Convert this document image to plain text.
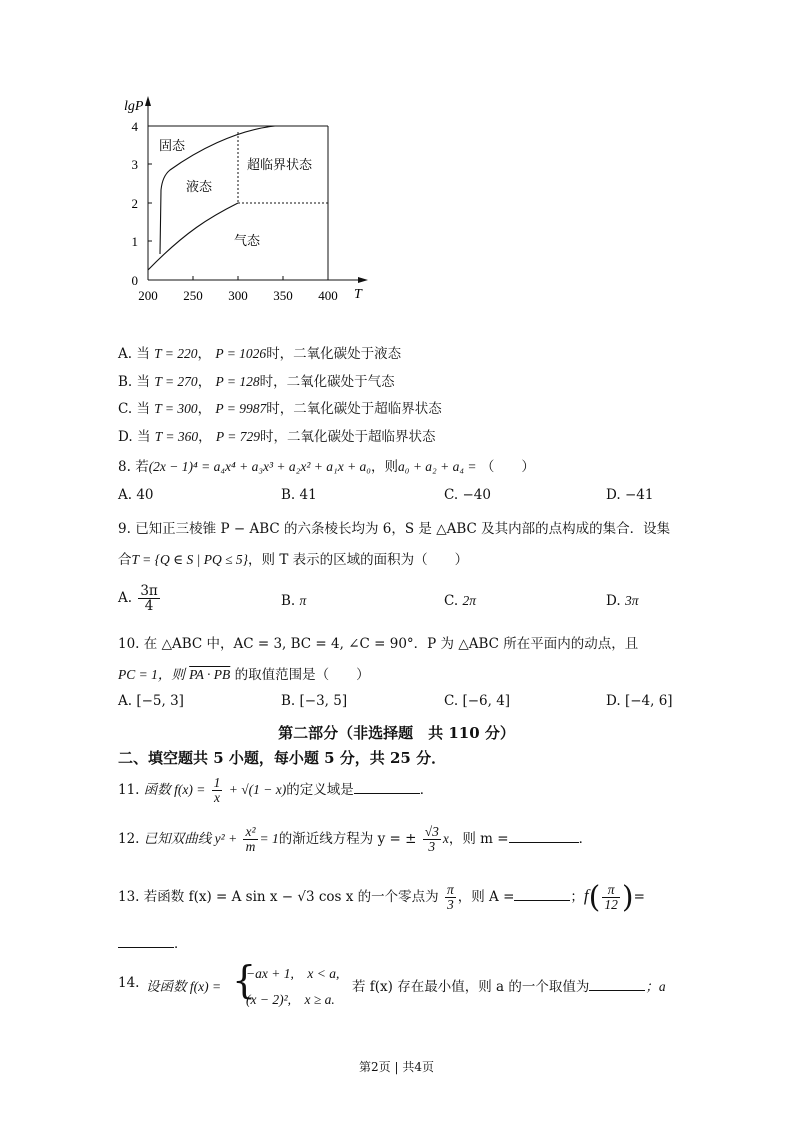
lgP
T
0
1
2
3
4
200 250 300 350 400
固态
液态
超临界状态
气态
A. 当 T = 220， P = 1026时，二氧化碳处于液态
B. 当 T = 270， P = 128时，二氧化碳处于气态
C. 当 T = 300， P = 9987时，二氧化碳处于超临界状态
D. 当 T = 360， P = 729时，二氧化碳处于超临界状态
8. 若(2x − 1)⁴ = a₄x⁴ + a₃x³ + a₂x² + a₁x + a₀，则a₀ + a₂ + a₄ = （　　）
A. 40	B. 41	C. −40	D. −41
9. 已知正三棱锥 P − ABC 的六条棱长均为 6，S 是 △ABC 及其内部的点构成的集合．设集
合T = {Q ∈ S | PQ ≤ 5}，则 T 表示的区域的面积为（　　）
A. $\frac{3\pi}{4}$	B. π	C. 2π	D. 3π
10. 在 △ABC 中，AC = 3, BC = 4, ∠C = 90°．P 为 △ABC 所在平面内的动点，且
PC = 1，则 PA · PB 的取值范围是（　　）
A. [−5, 3]	B. [−3, 5]	C. [−6, 4]	D. [−4, 6]
第二部分（非选择题　共 110 分）
二、填空题共 5 小题，每小题 5 分，共 25 分．
11. 函数 $f(x) = \frac{1}{x} + √(1 - x)$的定义域是	．
12. 已知双曲线 $y^2 + \frac{\text{x²}}{m} = 1$的渐近线方程为 y = ± $\frac{√3}{3}$ x，则 m =	．
13. 若函数 f(x) = A sin x − √3 cos x 的一个零点为 $\frac{\pi}{3}$ ，则 A =	；$f( \frac{\pi}{12}$ )=
．
14. 设函数 f(x) = {
−ax + 1,　x < a,
(x − 2)²,　x ≥ a.
若 f(x) 存在最小值，则 a 的一个取值为	；a
第2页 | 共4页
